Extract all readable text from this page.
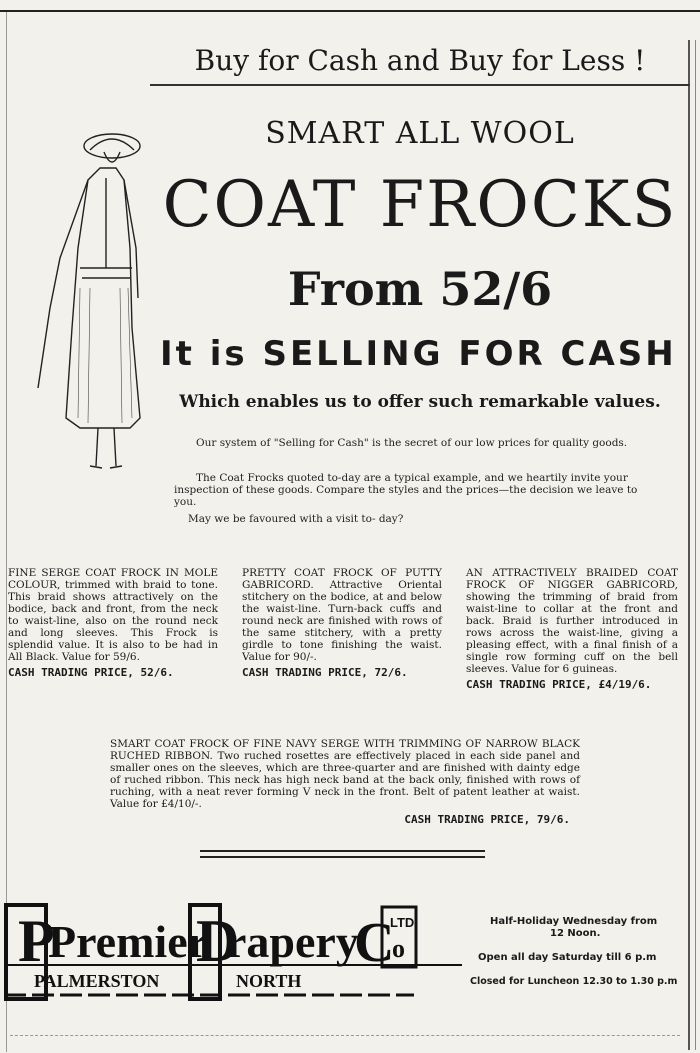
Buy for Cash and Buy for Less !
SMART ALL WOOL
COAT FROCKS
From 52/6
It is SELLING FOR CASH
Which enables us to offer such remarkable values.
Our system of "Selling for Cash" is the secret of our low prices for quality goods.
The Coat Frocks quoted to-day are a typical example, and we heartily invite your inspection of these goods. Compare the styles and the prices—the decision we leave to you.
May we be favoured with a visit to- day?
FINE SERGE COAT FROCK IN MOLE COLOUR, trimmed with braid to tone. This braid shows attractively on the bodice, back and front, from the neck to waist-line, also on the round neck and long sleeves. This Frock is splendid value. It is also to be had in All Black. Value for 59/6.
CASH TRADING PRICE, 52/6.
PRETTY COAT FROCK OF PUTTY GABRICORD. Attractive Oriental stitchery on the bodice, at and below the waist-line. Turn-back cuffs and round neck are finished with rows of the same stitchery, with a pretty girdle to tone finishing the waist. Value for 90/-.
CASH TRADING PRICE, 72/6.
AN ATTRACTIVELY BRAIDED COAT FROCK OF NIGGER GABRICORD, showing the trimming of braid from waist-line to collar at the front and back. Braid is further introduced in rows across the waist-line, giving a pleasing effect, with a final finish of a single row forming cuff on the bell sleeves. Value for 6 guineas.
CASH TRADING PRICE, £4/19/6.
SMART COAT FROCK OF FINE NAVY SERGE WITH TRIMMING OF NARROW BLACK RUCHED RIBBON. Two ruched rosettes are effectively placed in each side panel and smaller ones on the sleeves, which are three-quarter and are finished with dainty edge of ruched ribbon. This neck has high neck band at the back only, finished with rows of ruching, with a neat rever forming V neck in the front. Belt of patent leather at waist. Value for £4/10/-.
CASH TRADING PRICE, 79/6.
P
Premier
D
rapery
C
LTD
o
PALMERSTON	NORTH
Half-Holiday Wednesday from
12 Noon.
Open all day Saturday till 6 p.m
Closed for Luncheon 12.30 to 1.30 p.m
